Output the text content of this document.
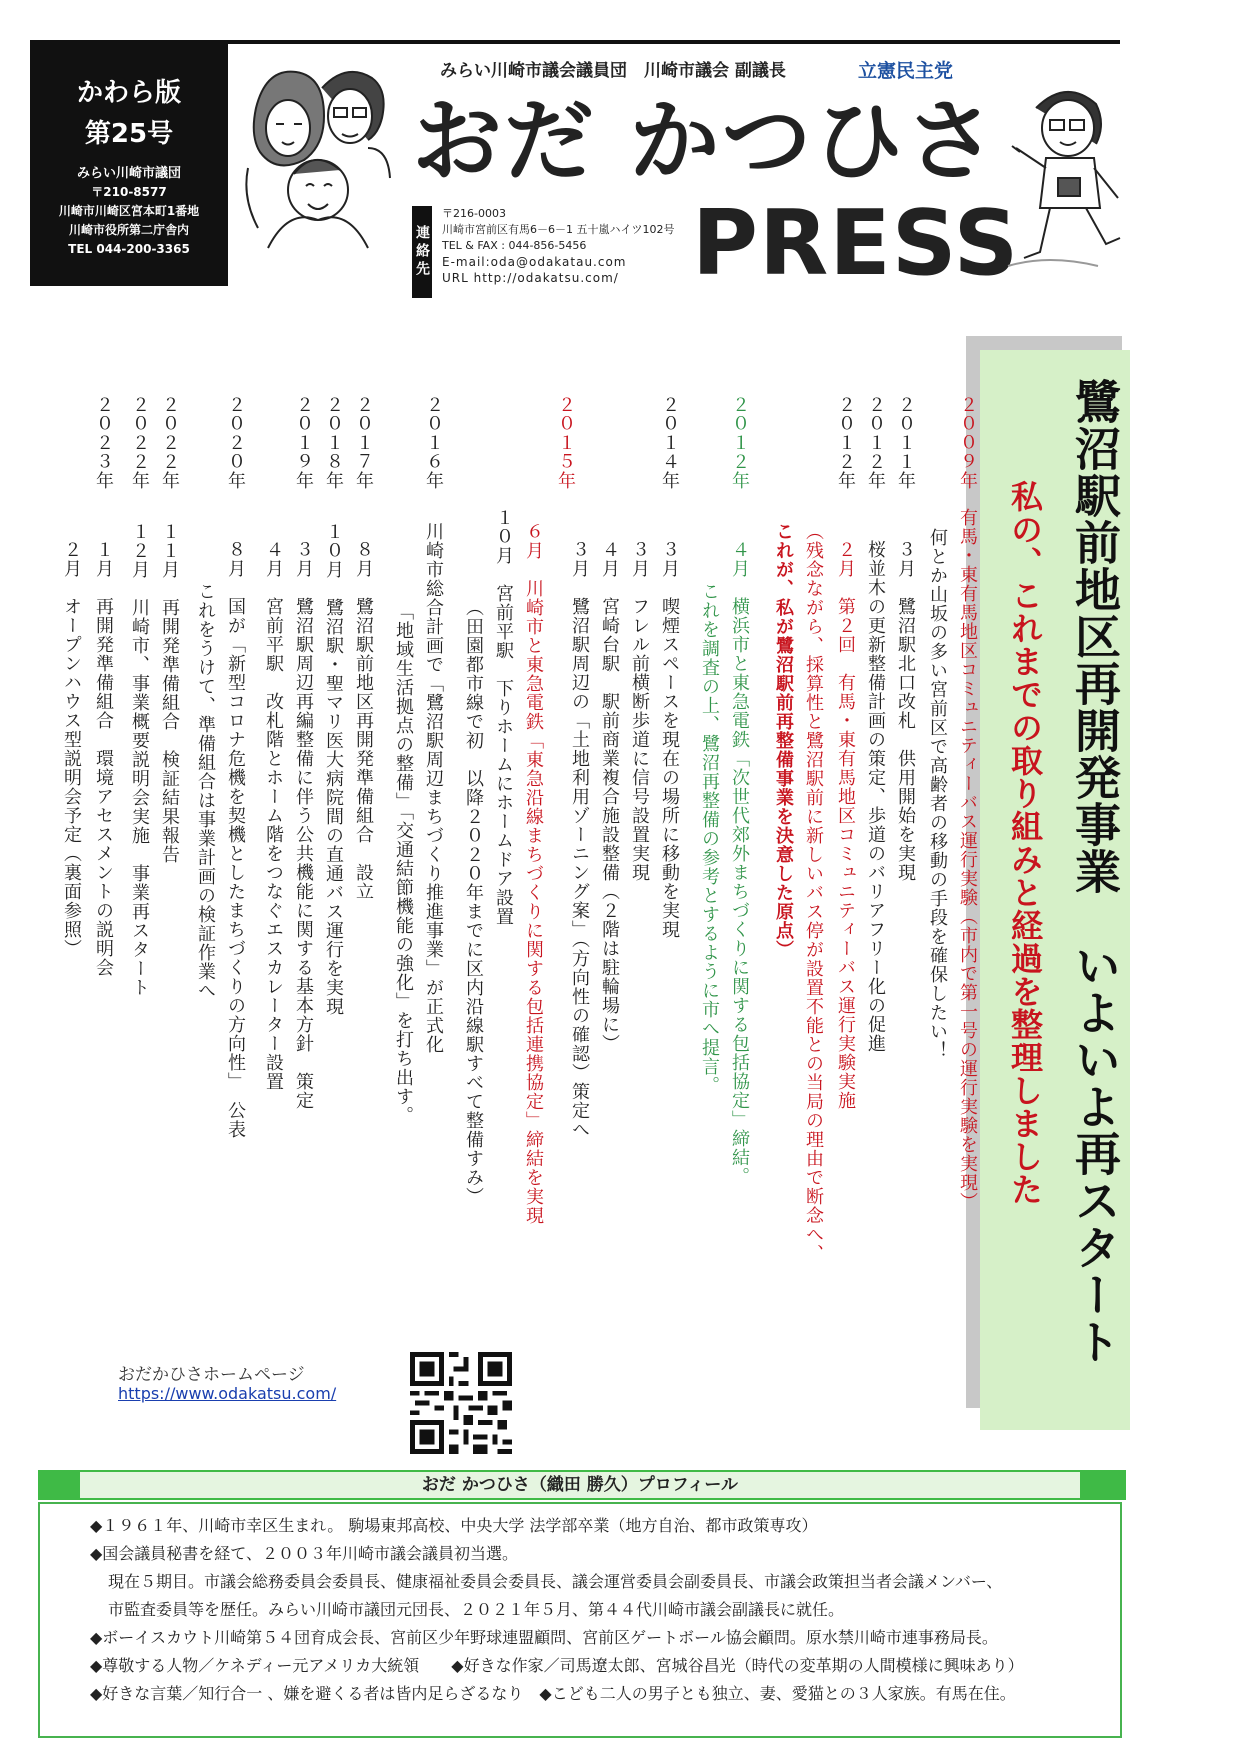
かわら版
第25号
みらい川崎市議団
〒210-8577
川崎市川崎区宮本町1番地
川崎市役所第二庁舎内
TEL 044-200-3365
みらい川崎市議会議員団　川崎市議会 副議長	立憲民主党
おだ かつひさ
PRESS
連絡先
〒216-0003
川崎市宮前区有馬6－6－1 五十嵐ハイツ102号
TEL & FAX : 044-856-5456
E-mail:oda@odakatau.com
URL http://odakatsu.com/
鷺沼駅前地区再開発事業　いよいよ再スタート
私の、これまでの取り組みと経過を整理しました
２００９年
有馬・東有馬地区コミュニティーバス運行実験（市内で第一号の運行実験を実現）
何とか山坂の多い宮前区で高齢者の移動の手段を確保したい！
２０１１年
３月　鷺沼駅北口改札　供用開始を実現
２０１２年
桜並木の更新整備計画の策定、歩道のバリアフリー化の促進
２０１２年
２月　第２回　有馬・東有馬地区コミュニティーバス運行実験実施
（残念ながら、採算性と鷺沼駅前に新しいバス停が設置不能との当局の理由で断念へ、
これが、私が鷺沼駅前再整備事業を決意した原点）
２０１２年
４月　横浜市と東急電鉄「次世代郊外まちづくりに関する包括協定」締結。
これを調査の上、鷺沼再整備の参考とするように市へ提言。
２０１４年
３月　喫煙スペースを現在の場所に移動を実現
３月　フレル前横断歩道に信号設置実現
４月　宮崎台駅　駅前商業複合施設整備（２階は駐輪場に）
３月　鷺沼駅周辺の「土地利用ゾーニング案」（方向性の確認）策定へ
２０１５年
６月　川崎市と東急電鉄「東急沿線まちづくりに関する包括連携協定」締結を実現
１０月　宮前平駅　下りホームにホームドア設置
（田園都市線で初　以降２０２０年までに区内沿線駅すべて整備すみ）
２０１６年
川崎市総合計画で「鷺沼駅周辺まちづくり推進事業」が正式化
「地域生活拠点の整備」「交通結節機能の強化」を打ち出す。
２０１７年
８月　鷺沼駅前地区再開発準備組合　設立
２０１８年
１０月　鷺沼駅・聖マリ医大病院間の直通バス運行を実現
２０１９年
３月　鷺沼駅周辺再編整備に伴う公共機能に関する基本方針　策定
４月　宮前平駅　改札階とホーム階をつなぐエスカレーター設置
２０２０年
８月　国が「新型コロナ危機を契機としたまちづくりの方向性」　公表
これをうけて、準備組合は事業計画の検証作業へ
２０２２年
１１月　再開発準備組合　検証結果報告
２０２２年
１２月　川崎市、事業概要説明会実施　事業再スタート
２０２３年
１月　再開発準備組合　環境アセスメントの説明会
２月　オープンハウス型説明会予定（裏面参照）
おだかひさホームページ
https://www.odakatsu.com/
おだ かつひさ（織田 勝久）プロフィール
◆１９６１年、川崎市幸区生まれ。 駒場東邦高校、中央大学 法学部卒業（地方自治、都市政策専攻）
◆国会議員秘書を経て、２００３年川崎市議会議員初当選。
現在５期目。市議会総務委員会委員長、健康福祉委員会委員長、議会運営委員会副委員長、市議会政策担当者会議メンバー、
市監査委員等を歴任。みらい川崎市議団元団長、２０２１年５月、第４４代川崎市議会副議長に就任。
◆ボーイスカウト川崎第５４団育成会長、宮前区少年野球連盟顧問、宮前区ゲートボール協会顧問。原水禁川崎市連事務局長。
◆尊敬する人物／ケネディー元アメリカ大統領　　◆好きな作家／司馬遼太郎、宮城谷昌光（時代の変革期の人間模様に興味あり）
◆好きな言葉／知行合一 、嫌を避くる者は皆内足らざるなり　◆こども二人の男子とも独立、妻、愛猫との３人家族。有馬在住。
